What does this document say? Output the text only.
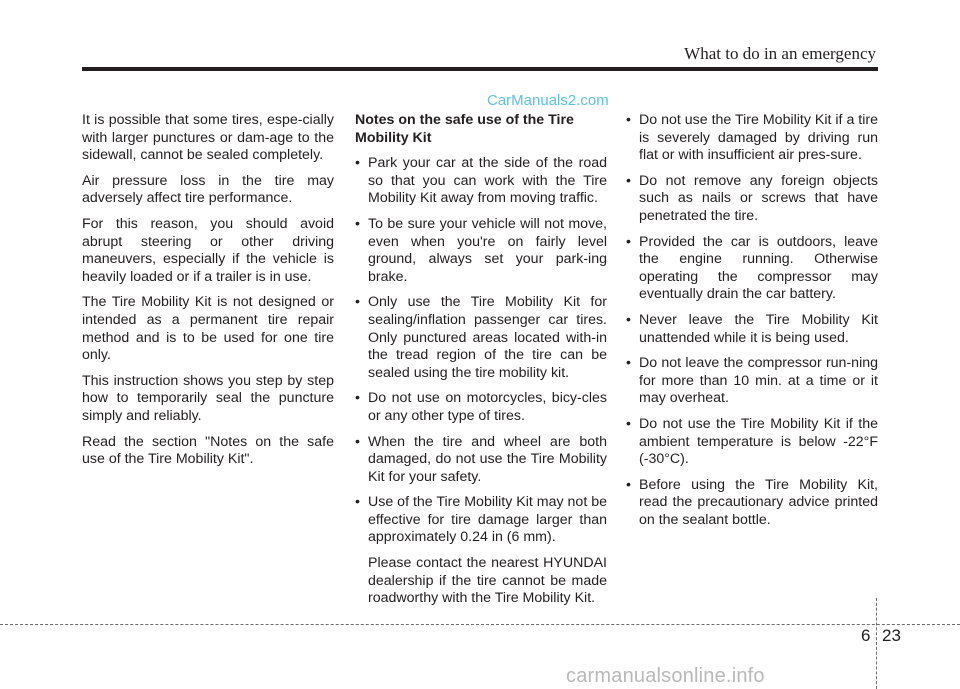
What to do in an emergency
CarManuals2.com

It is possible that some tires, espe-cially with larger punctures or dam-age to the sidewall, cannot be sealed completely.

Air pressure loss in the tire may adversely affect tire performance.

For this reason, you should avoid abrupt steering or other driving maneuvers, especially if the vehicle is heavily loaded or if a trailer is in use.

The Tire Mobility Kit is not designed or intended as a permanent tire repair method and is to be used for one tire only.

This instruction shows you step by step how to temporarily seal the puncture simply and reliably.

Read the section "Notes on the safe use of the Tire Mobility Kit".

Notes on the safe use of the Tire Mobility Kit

• Park your car at the side of the road so that you can work with the Tire Mobility Kit away from moving traffic.
• To be sure your vehicle will not move, even when you're on fairly level ground, always set your park-ing brake.
• Only use the Tire Mobility Kit for sealing/inflation passenger car tires. Only punctured areas located with-in the tread region of the tire can be sealed using the tire mobility kit.
• Do not use on motorcycles, bicy-cles or any other type of tires.
• When the tire and wheel are both damaged, do not use the Tire Mobility Kit for your safety.
• Use of the Tire Mobility Kit may not be effective for tire damage larger than approximately 0.24 in (6 mm).

Please contact the nearest HYUNDAI dealership if the tire cannot be made roadworthy with the Tire Mobility Kit.

• Do not use the Tire Mobility Kit if a tire is severely damaged by driving run flat or with insufficient air pres-sure.
• Do not remove any foreign objects such as nails or screws that have penetrated the tire.
• Provided the car is outdoors, leave the engine running. Otherwise operating the compressor may eventually drain the car battery.
• Never leave the Tire Mobility Kit unattended while it is being used.
• Do not leave the compressor run-ning for more than 10 min. at a time or it may overheat.
• Do not use the Tire Mobility Kit if the ambient temperature is below -22°F (-30°C).
• Before using the Tire Mobility Kit, read the precautionary advice printed on the sealant bottle.
6 23
carmanualsonline.info
